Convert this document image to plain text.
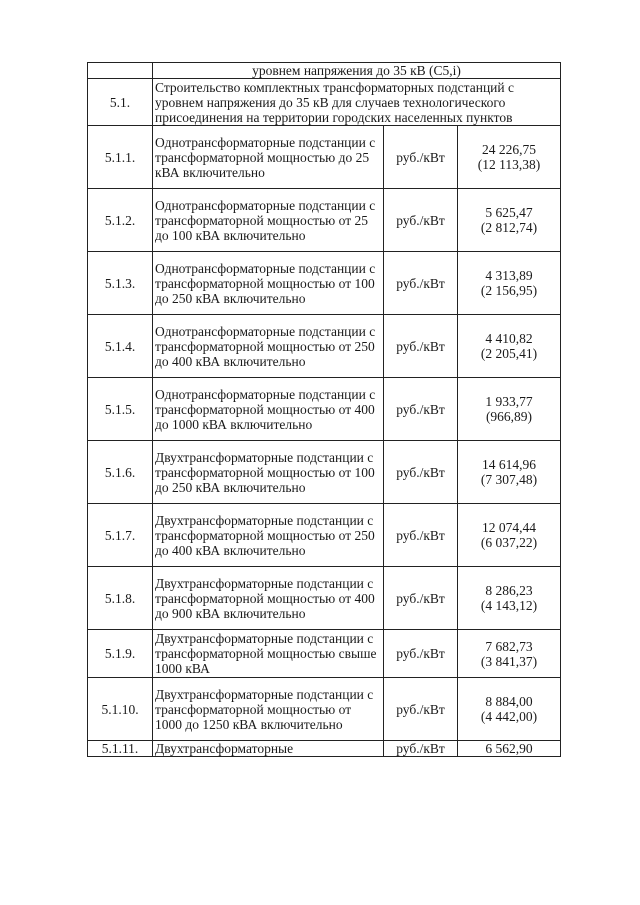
	уровнем напряжения до 35 кВ (C5,i)		
5.1.	Строительство комплектных трансформаторных подстанций с уровнем напряжения до 35 кВ для случаев технологического присоединения на территории городских населенных пунктов		
5.1.1.	Однотрансформаторные подстанции с трансформаторной мощностью до 25 кВА включительно	руб./кВт	24 226,75
(12 113,38)

5.1.2.	Однотрансформаторные подстанции с трансформаторной мощностью от 25 до 100 кВА включительно	руб./кВт	5 625,47
(2 812,74)

5.1.3.	Однотрансформаторные подстанции с трансформаторной мощностью от 100 до 250 кВА включительно	руб./кВт	4 313,89
(2 156,95)

5.1.4.	Однотрансформаторные подстанции с трансформаторной мощностью от 250 до 400 кВА включительно	руб./кВт	4 410,82
(2 205,41)

5.1.5.	Однотрансформаторные подстанции с трансформаторной мощностью от 400 до 1000 кВА включительно	руб./кВт	1 933,77
(966,89)

5.1.6.	Двухтрансформаторные подстанции с трансформаторной мощностью от 100 до 250 кВА включительно	руб./кВт	14 614,96
(7 307,48)

5.1.7.	Двухтрансформаторные подстанции с трансформаторной мощностью от 250 до 400 кВА включительно	руб./кВт	12 074,44
(6 037,22)

5.1.8.	Двухтрансформаторные подстанции с трансформаторной мощностью от 400 до 900 кВА включительно	руб./кВт	8 286,23
(4 143,12)

5.1.9.	Двухтрансформаторные подстанции с трансформаторной мощностью свыше 1000 кВА	руб./кВт	7 682,73
(3 841,37)

5.1.10.	Двухтрансформаторные подстанции с трансформаторной мощностью от 1000 до 1250 кВА включительно	руб./кВт	8 884,00
(4 442,00)

5.1.11.	Двухтрансформаторные	руб./кВт	6 562,90
